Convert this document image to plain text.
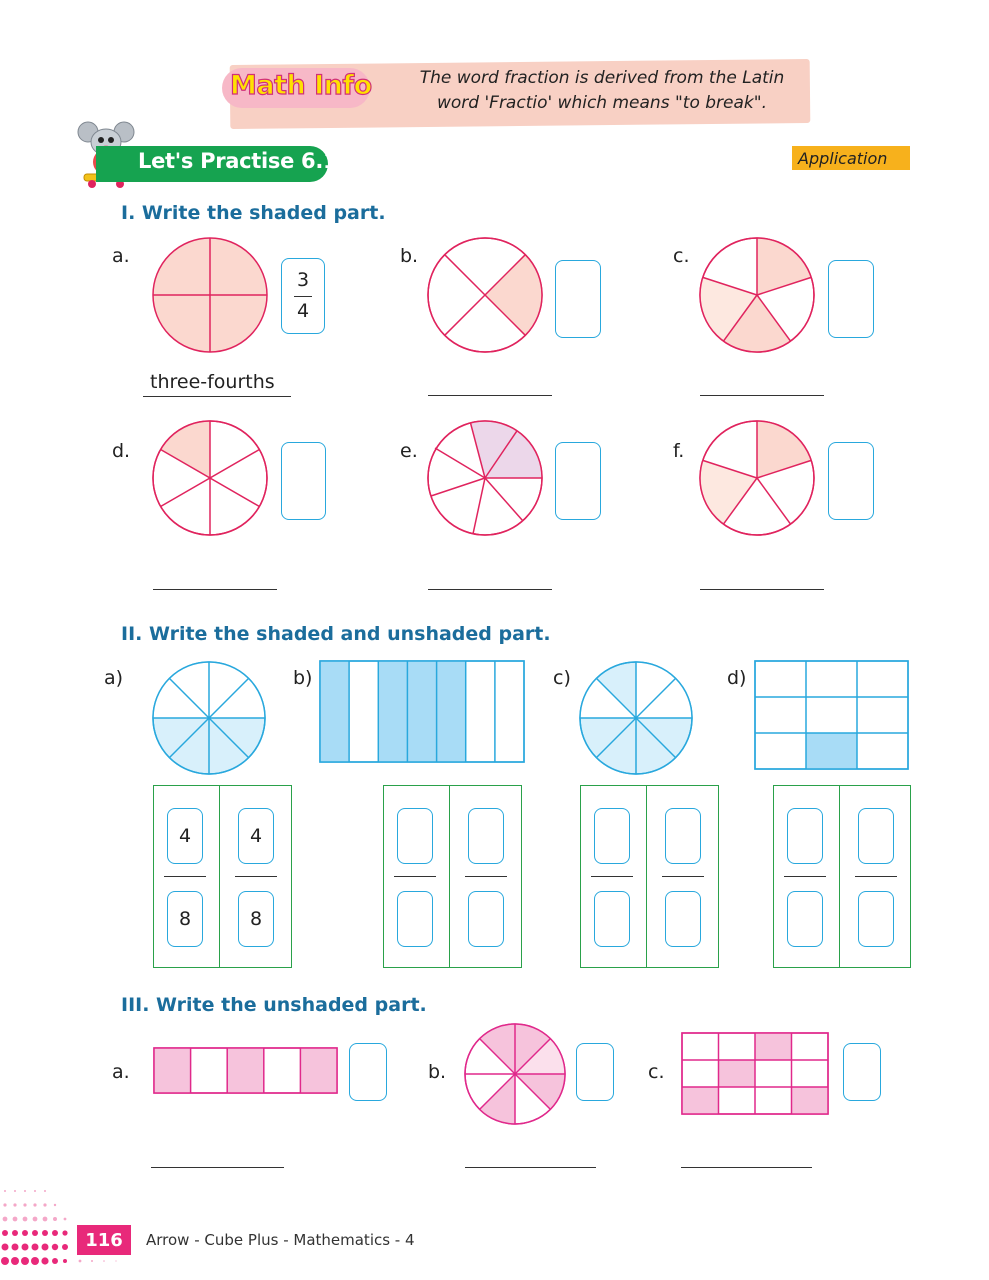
Math Info	The word fraction is derived from the Latin
word 'Fractio' which means "to break".
Let's Practise 6.1	Application
I. Write the shaded part.
a.
3
4
three-fourths
b.	c.
d.	e.	f.
II. Write the shaded and unshaded part.
a)	b)	c)	d)
4
8
4
8
III. Write the unshaded part.
a.	b.	c.
116	Arrow - Cube Plus - Mathematics - 4
